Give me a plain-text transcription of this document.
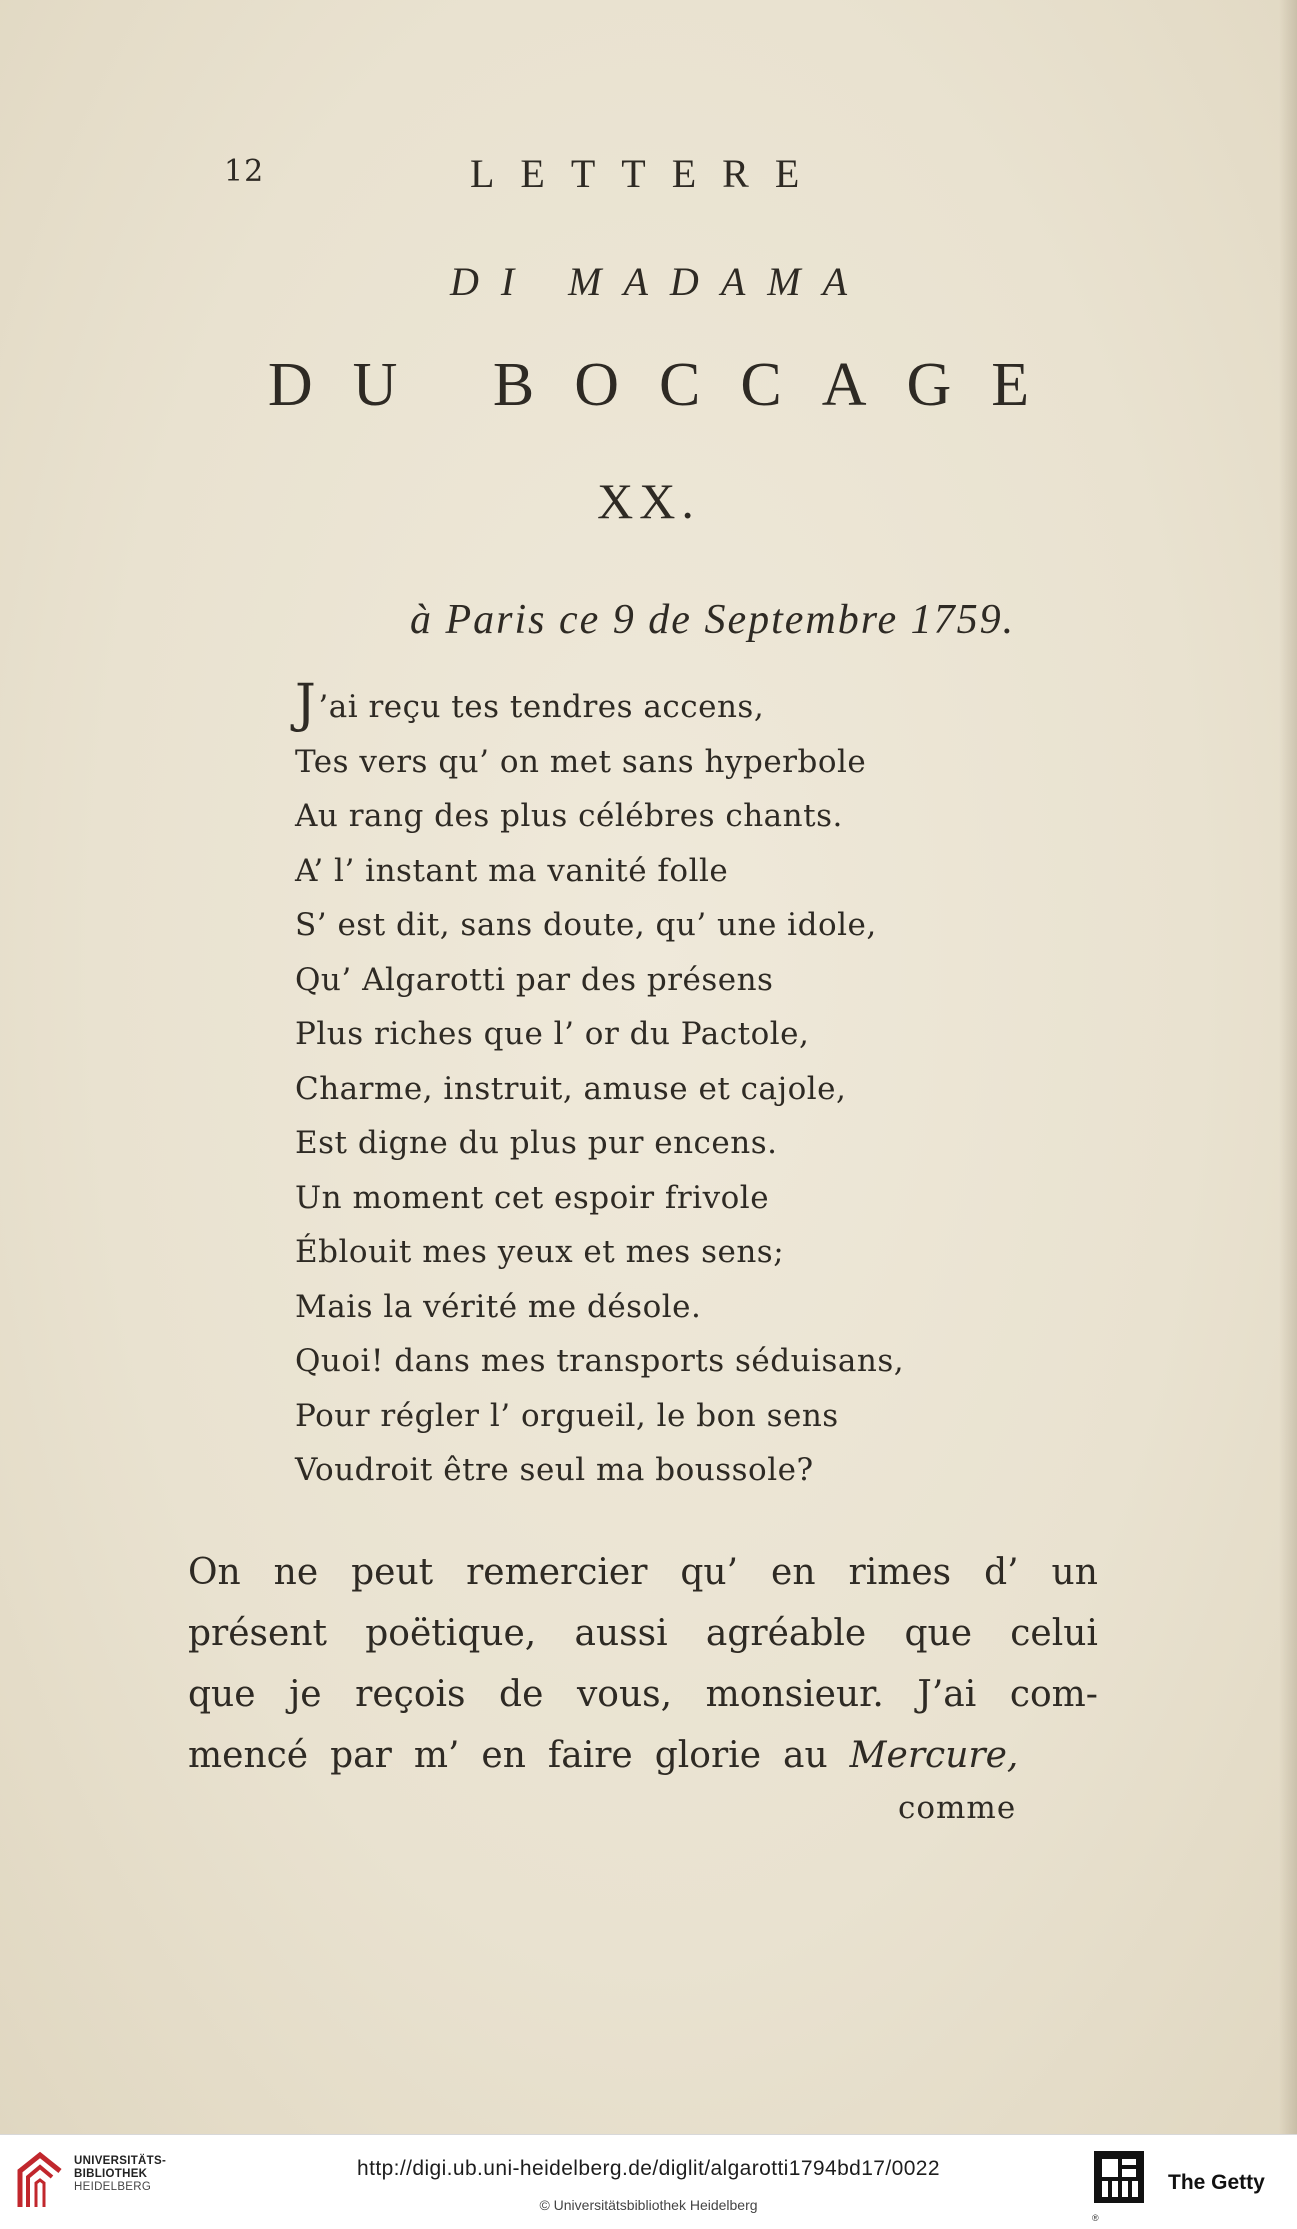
12	LETTERE
DI MADAMA
DU BOCCAGE
XX.
à Paris ce 9 de Septembre 1759.
J’ai reçu tes tendres accens,
Tes vers qu’ on met sans hyperbole
Au rang des plus célébres chants.
A’ l’ instant ma vanité folle
S’ est dit, sans doute, qu’ une idole,
Qu’ Algarotti par des présens
Plus riches que l’ or du Pactole,
Charme, instruit, amuse et cajole,
Est digne du plus pur encens.
Un moment cet espoir frivole
Éblouit mes yeux et mes sens;
Mais la vérité me désole.
Quoi! dans mes transports séduisans,
Pour régler l’ orgueil, le bon sens
Voudroit être seul ma boussole?
On ne peut remercier qu’ en rimes d’ un
présent poëtique, aussi agréable que celui
que je reçois de vous, monsieur. J’ai com-
mencé par m’ en faire glorie au Mercure,
comme
UNIVERSITÄTS-
BIBLIOTHEK
HEIDELBERG
http://digi.ub.uni-heidelberg.de/diglit/algarotti1794bd17/0022
© Universitätsbibliothek Heidelberg
®
The Getty
